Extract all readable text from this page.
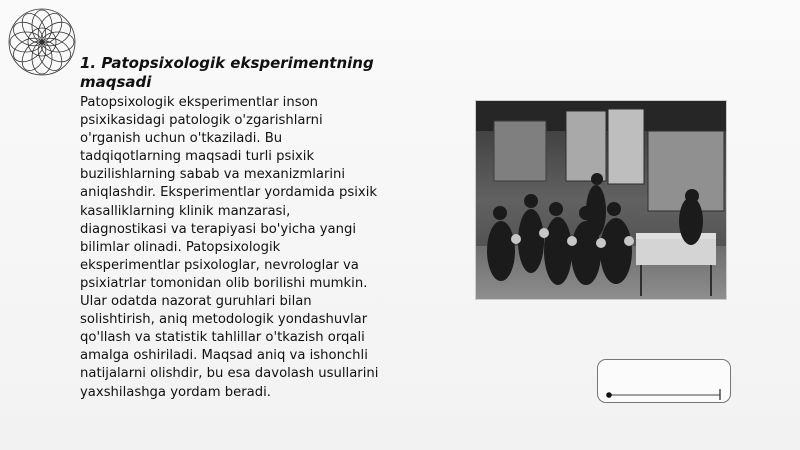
1. Patopsixologik eksperimentning maqsadi

Patopsixologik eksperimentlar inson
psixikasidagi patologik o'zgarishlarni
o'rganish uchun o'tkaziladi. Bu
tadqiqotlarning maqsadi turli psixik
buzilishlarning sabab va mexanizmlarini
aniqlashdir. Eksperimentlar yordamida psixik
kasalliklarning klinik manzarasi,
diagnostikasi va terapiyasi bo'yicha yangi
bilimlar olinadi. Patopsixologik
eksperimentlar psixologlar, nevrologlar va
psixiatrlar tomonidan olib borilishi mumkin.
Ular odatda nazorat guruhlari bilan
solishtirish, aniq metodologik yondashuvlar
qo'llash va statistik tahlillar o'tkazish orqali
amalga oshiriladi. Maqsad aniq va ishonchli
natijalarni olishdir, bu esa davolash usullarini
yaxshilashga yordam beradi.
